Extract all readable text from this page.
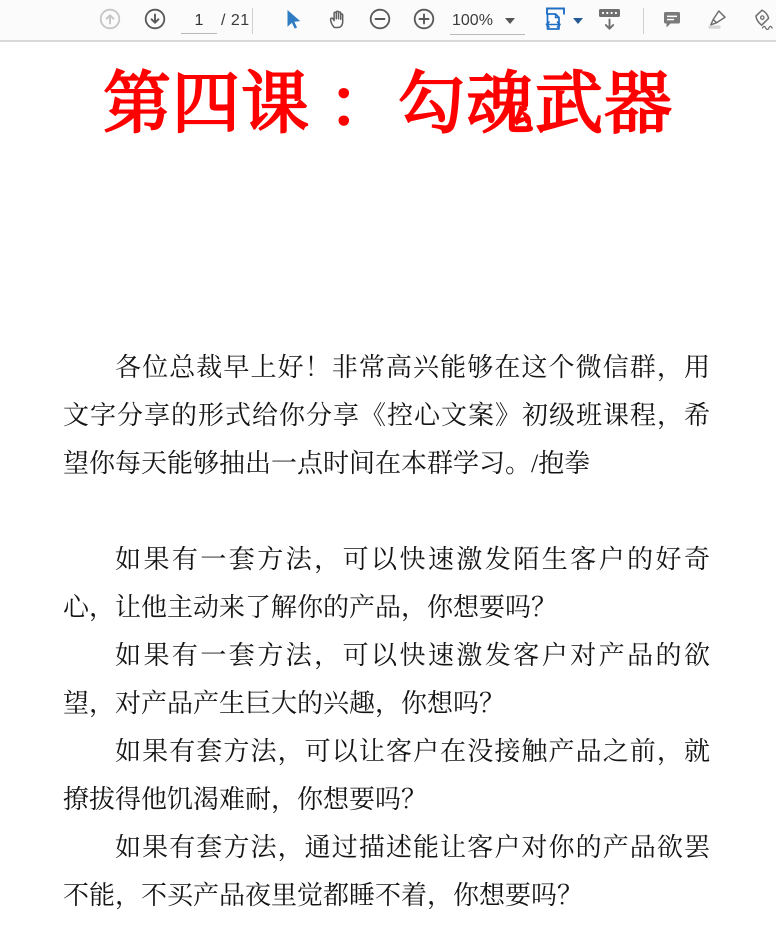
1
/ 21	100%
第四课 ：勾魂武器

各位总裁早上好！非常高兴能够在这个微信群，用文字分享的形式给你分享《控心文案》初级班课程，希望你每天能够抽出一点时间在本群学习。/抱拳

如果有一套方法，可以快速激发陌生客户的好奇心，让他主动来了解你的产品，你想要吗？

如果有一套方法，可以快速激发客户对产品的欲望，对产品产生巨大的兴趣，你想吗？

如果有套方法，可以让客户在没接触产品之前，就撩拔得他饥渴难耐，你想要吗？

如果有套方法，通过描述能让客户对你的产品欲罢不能，不买产品夜里觉都睡不着，你想要吗？
